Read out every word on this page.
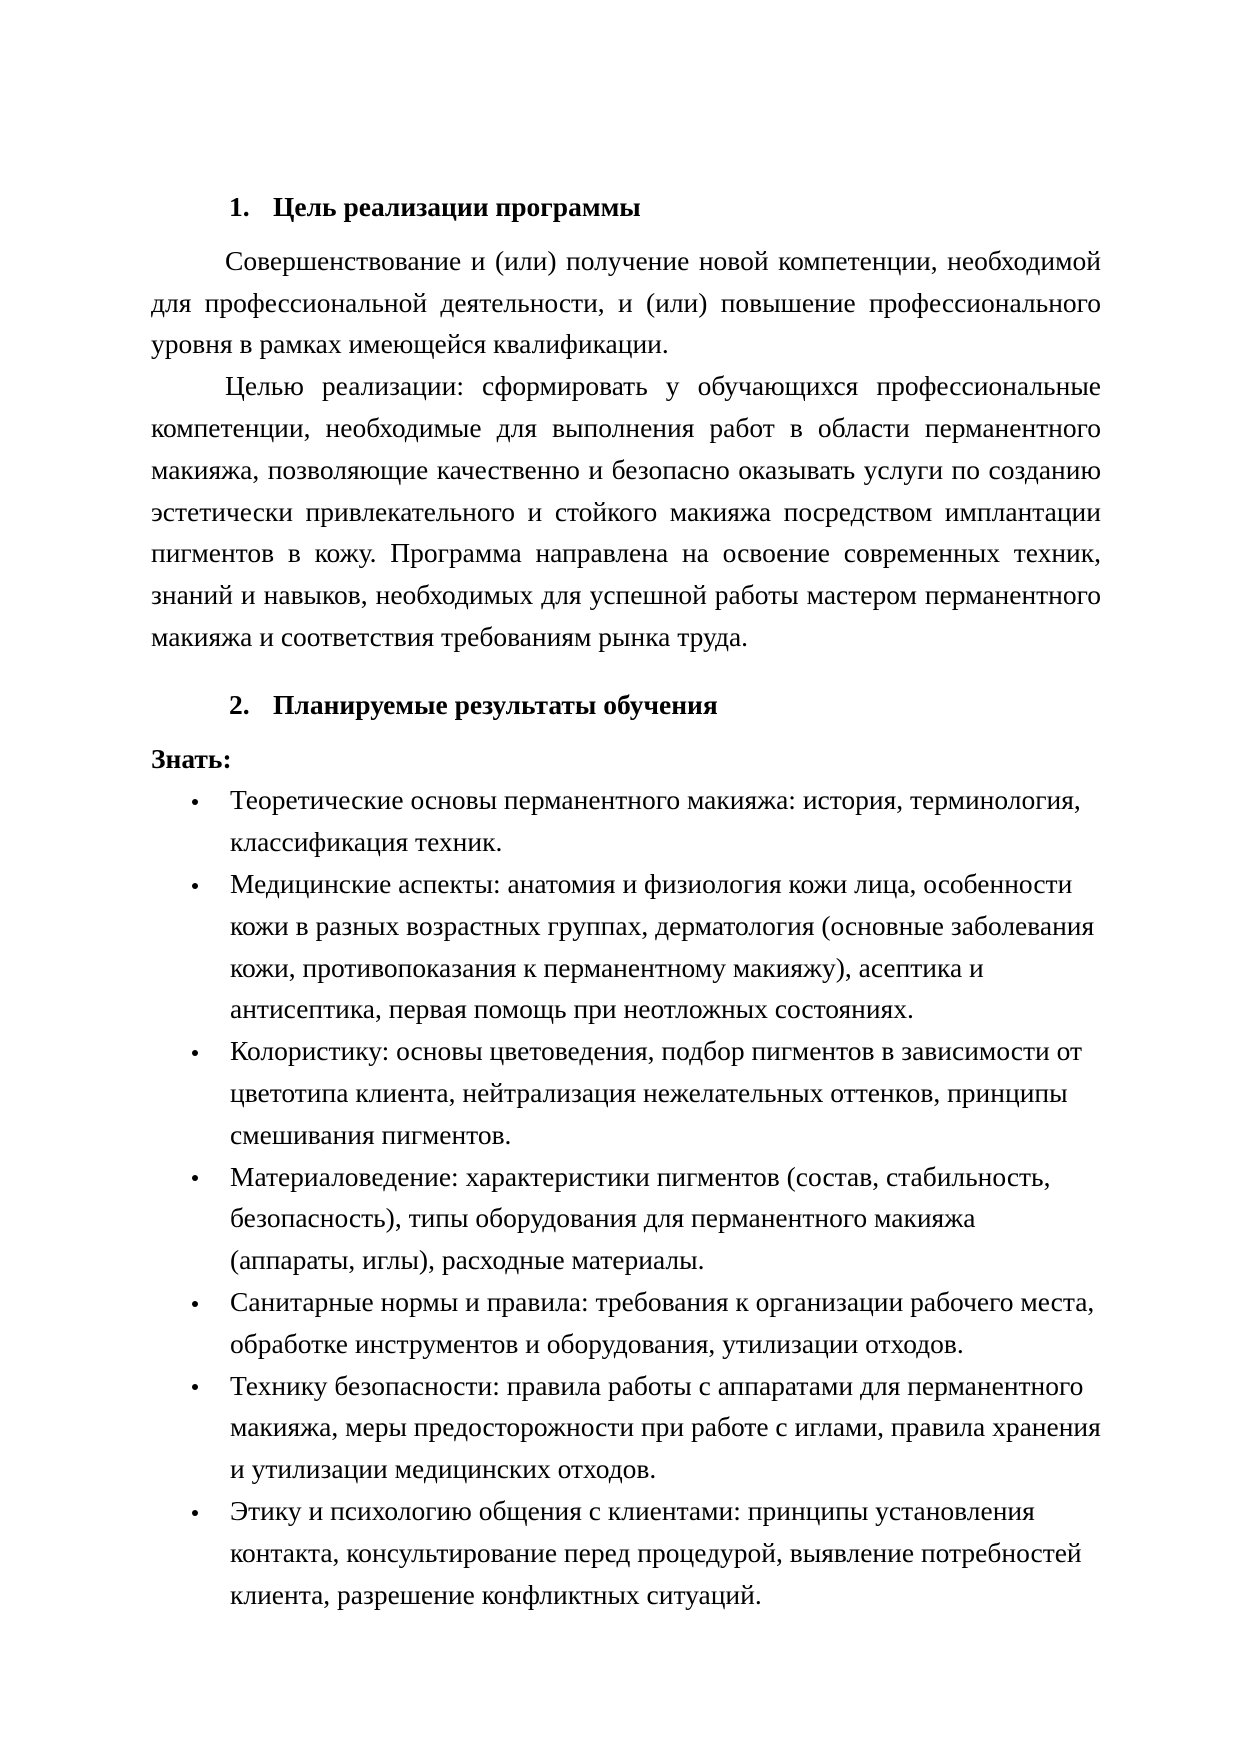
1. Цель реализации программы

Совершенствование и (или) получение новой компетенции, необходимой для профессиональной деятельности, и (или) повышение профессионального уровня в рамках имеющейся квалификации.

Целью реализации: сформировать у обучающихся профессиональные компетенции, необходимые для выполнения работ в области перманентного макияжа, позволяющие качественно и безопасно оказывать услуги по созданию эстетически привлекательного и стойкого макияжа посредством имплантации пигментов в кожу. Программа направлена на освоение современных техник, знаний и навыков, необходимых для успешной работы мастером перманентного макияжа и соответствия требованиям рынка труда.

2. Планируемые результаты обучения

Знать:

Теоретические основы перманентного макияжа: история, терминология, классификация техник.
Медицинские аспекты: анатомия и физиология кожи лица, особенности кожи в разных возрастных группах, дерматология (основные заболевания кожи, противопоказания к перманентному макияжу), асептика и антисептика, первая помощь при неотложных состояниях.
Колористику: основы цветоведения, подбор пигментов в зависимости от цветотипа клиента, нейтрализация нежелательных оттенков, принципы смешивания пигментов.
Материаловедение: характеристики пигментов (состав, стабильность, безопасность), типы оборудования для перманентного макияжа (аппараты, иглы), расходные материалы.
Санитарные нормы и правила: требования к организации рабочего места, обработке инструментов и оборудования, утилизации отходов.
Технику безопасности: правила работы с аппаратами для перманентного макияжа, меры предосторожности при работе с иглами, правила хранения и утилизации медицинских отходов.
Этику и психологию общения с клиентами: принципы установления контакта, консультирование перед процедурой, выявление потребностей клиента, разрешение конфликтных ситуаций.
